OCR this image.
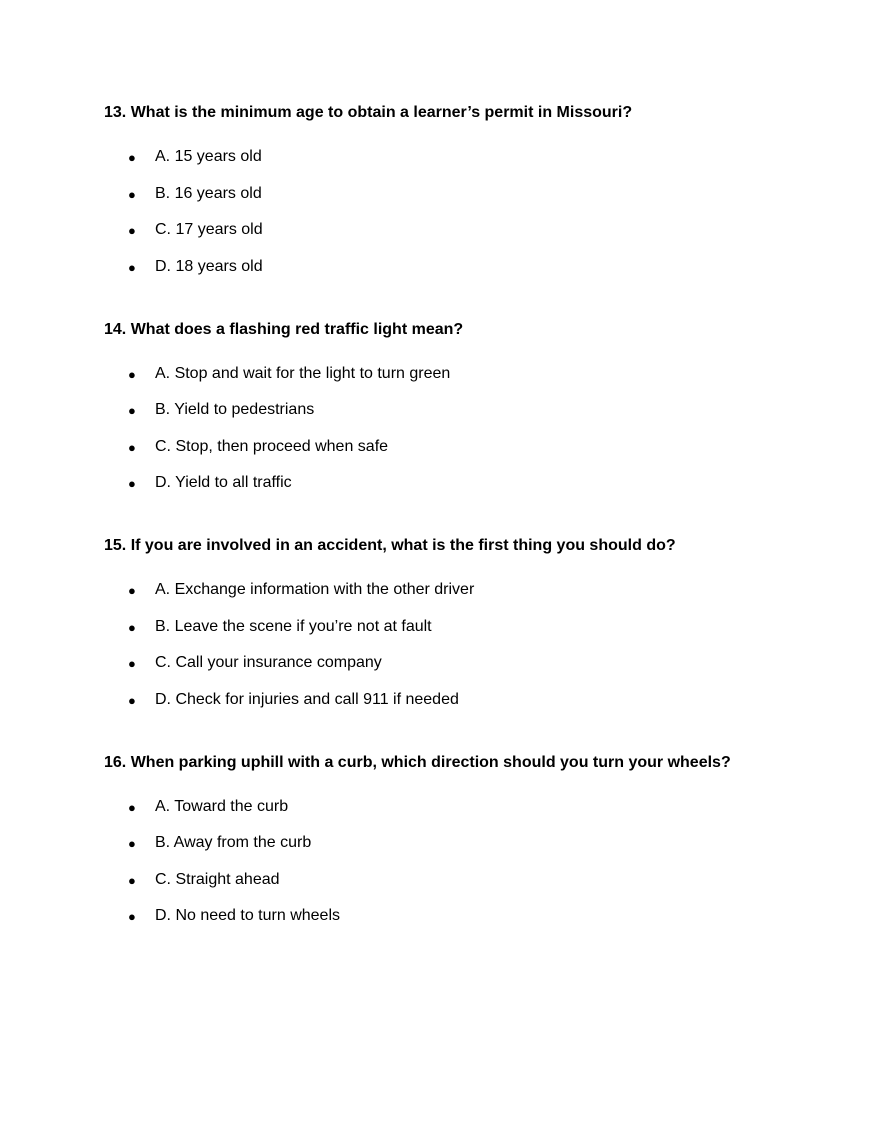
13. What is the minimum age to obtain a learner’s permit in Missouri?

● A. 15 years old
● B. 16 years old
● C. 17 years old
● D. 18 years old

14. What does a flashing red traffic light mean?

● A. Stop and wait for the light to turn green
● B. Yield to pedestrians
● C. Stop, then proceed when safe
● D. Yield to all traffic

15. If you are involved in an accident, what is the first thing you should do?

● A. Exchange information with the other driver
● B. Leave the scene if you’re not at fault
● C. Call your insurance company
● D. Check for injuries and call 911 if needed

16. When parking uphill with a curb, which direction should you turn your wheels?

● A. Toward the curb
● B. Away from the curb
● C. Straight ahead
● D. No need to turn wheels
